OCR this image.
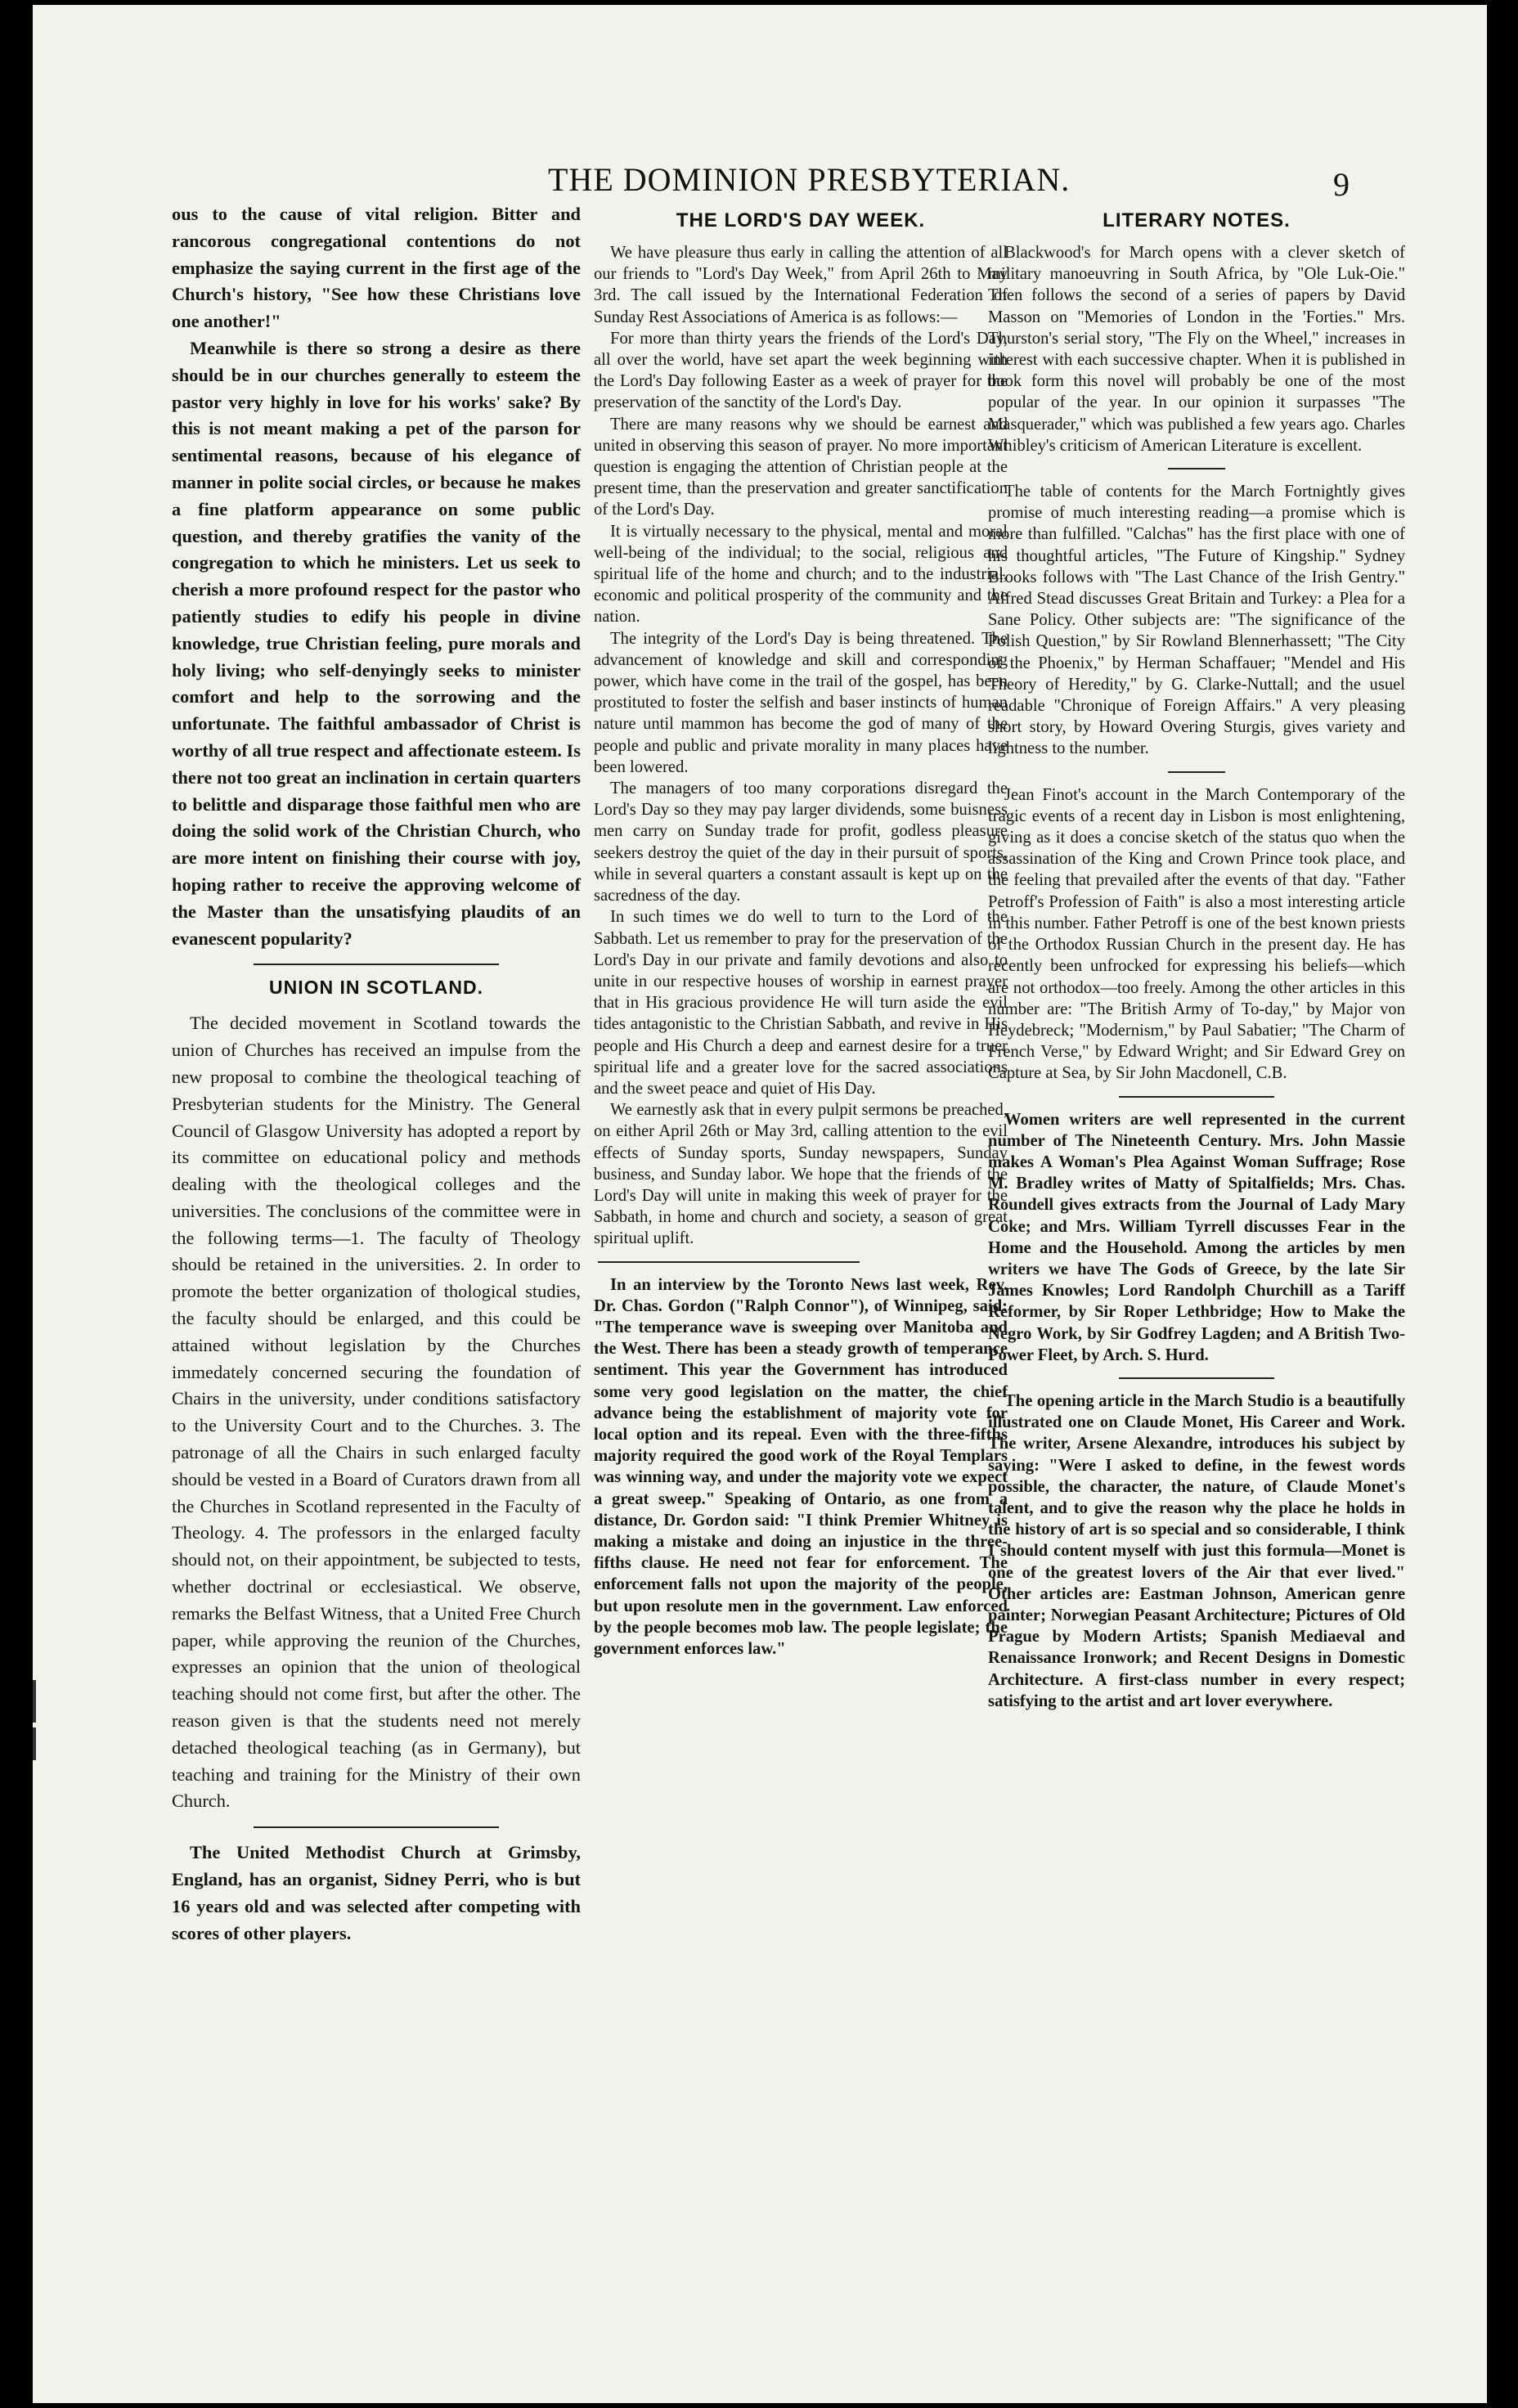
THE DOMINION PRESBYTERIAN.	9

ous to the cause of vital religion. Bitter and rancorous congregational contentions do not emphasize the saying current in the first age of the Church's history, "See how these Christians love one another!"

Meanwhile is there so strong a desire as there should be in our churches generally to esteem the pastor very highly in love for his works' sake? By this is not meant making a pet of the parson for sentimental reasons, because of his elegance of manner in polite social circles, or because he makes a fine platform appearance on some public question, and thereby gratifies the vanity of the congregation to which he ministers. Let us seek to cherish a more profound respect for the pastor who patiently studies to edify his people in divine knowledge, true Christian feeling, pure morals and holy living; who self-denyingly seeks to minister comfort and help to the sorrowing and the unfortunate. The faithful ambassador of Christ is worthy of all true respect and affectionate esteem. Is there not too great an inclination in certain quarters to belittle and disparage those faithful men who are doing the solid work of the Christian Church, who are more intent on finishing their course with joy, hoping rather to receive the approving welcome of the Master than the unsatisfying plaudits of an evanescent popularity?

UNION IN SCOTLAND.

The decided movement in Scotland towards the union of Churches has received an impulse from the new proposal to combine the theological teaching of Presbyterian students for the Ministry. The General Council of Glasgow University has adopted a report by its committee on educational policy and methods dealing with the theological colleges and the universities. The conclusions of the committee were in the following terms—1. The faculty of Theology should be retained in the universities. 2. In order to promote the better organization of thological studies, the faculty should be enlarged, and this could be attained without legislation by the Churches immedately concerned securing the foundation of Chairs in the university, under conditions satisfactory to the University Court and to the Churches. 3. The patronage of all the Chairs in such enlarged faculty should be vested in a Board of Curators drawn from all the Churches in Scotland represented in the Faculty of Theology. 4. The professors in the enlarged faculty should not, on their appointment, be subjected to tests, whether doctrinal or ecclesiastical. We observe, remarks the Belfast Witness, that a United Free Church paper, while approving the reunion of the Churches, expresses an opinion that the union of theological teaching should not come first, but after the other. The reason given is that the students need not merely detached theological teaching (as in Germany), but teaching and training for the Ministry of their own Church.

The United Methodist Church at Grimsby, England, has an organist, Sidney Perri, who is but 16 years old and was selected after competing with scores of other players.

THE LORD'S DAY WEEK.

We have pleasure thus early in calling the attention of all our friends to "Lord's Day Week," from April 26th to May 3rd. The call issued by the International Federation of Sunday Rest Associations of America is as follows:—

For more than thirty years the friends of the Lord's Day, all over the world, have set apart the week beginning with the Lord's Day following Easter as a week of prayer for the preservation of the sanctity of the Lord's Day.

There are many reasons why we should be earnest and united in observing this season of prayer. No more important question is engaging the attention of Christian people at the present time, than the preservation and greater sanctification of the Lord's Day.

It is virtually necessary to the physical, mental and moral well-being of the individual; to the social, religious and spiritual life of the home and church; and to the industrial, economic and political prosperity of the community and the nation.

The integrity of the Lord's Day is being threatened. The advancement of knowledge and skill and corresponding power, which have come in the trail of the gospel, has been prostituted to foster the selfish and baser instincts of human nature until mammon has become the god of many of the people and public and private morality in many places have been lowered.

The managers of too many corporations disregard the Lord's Day so they may pay larger dividends, some buisness men carry on Sunday trade for profit, godless pleasure seekers destroy the quiet of the day in their pursuit of sports, while in several quarters a constant assault is kept up on the sacredness of the day.

In such times we do well to turn to the Lord of the Sabbath. Let us remember to pray for the preservation of the Lord's Day in our private and family devotions and also to unite in our respective houses of worship in earnest prayer that in His gracious providence He will turn aside the evil tides antagonistic to the Christian Sabbath, and revive in His people and His Church a deep and earnest desire for a truer spiritual life and a greater love for the sacred associations and the sweet peace and quiet of His Day.

We earnestly ask that in every pulpit sermons be preached, on either April 26th or May 3rd, calling attention to the evil effects of Sunday sports, Sunday newspapers, Sunday business, and Sunday labor. We hope that the friends of the Lord's Day will unite in making this week of prayer for the Sabbath, in home and church and society, a season of great spiritual uplift.

In an interview by the Toronto News last week, Rev. Dr. Chas. Gordon ("Ralph Connor"), of Winnipeg, said: "The temperance wave is sweeping over Manitoba and the West. There has been a steady growth of temperance sentiment. This year the Government has introduced some very good legislation on the matter, the chief advance being the establishment of majority vote for local option and its repeal. Even with the three-fifths majority required the good work of the Royal Templars was winning way, and under the majority vote we expect a great sweep." Speaking of Ontario, as one from a distance, Dr. Gordon said: "I think Premier Whitney is making a mistake and doing an injustice in the three-fifths clause. He need not fear for enforcement. The enforcement falls not upon the majority of the people, but upon resolute men in the government. Law enforced by the people becomes mob law. The people legislate; the government enforces law."

LITERARY NOTES.

Blackwood's for March opens with a clever sketch of military manoeuvring in South Africa, by "Ole Luk-Oie." Then follows the second of a series of papers by David Masson on "Memories of London in the 'Forties." Mrs. Thurston's serial story, "The Fly on the Wheel," increases in interest with each successive chapter. When it is published in book form this novel will probably be one of the most popular of the year. In our opinion it surpasses "The Masquerader," which was published a few years ago. Charles Whibley's criticism of American Literature is excellent.

The table of contents for the March Fortnightly gives promise of much interesting reading—a promise which is more than fulfilled. "Calchas" has the first place with one of his thoughtful articles, "The Future of Kingship." Sydney Brooks follows with "The Last Chance of the Irish Gentry." Alfred Stead discusses Great Britain and Turkey: a Plea for a Sane Policy. Other subjects are: "The significance of the Polish Question," by Sir Rowland Blennerhassett; "The City of the Phoenix," by Herman Schaffauer; "Mendel and His Theory of Heredity," by G. Clarke-Nuttall; and the usuel readable "Chronique of Foreign Affairs." A very pleasing short story, by Howard Overing Sturgis, gives variety and lightness to the number.

Jean Finot's account in the March Contemporary of the tragic events of a recent day in Lisbon is most enlightening, giving as it does a concise sketch of the status quo when the assassination of the King and Crown Prince took place, and the feeling that prevailed after the events of that day. "Father Petroff's Profession of Faith" is also a most interesting article in this number. Father Petroff is one of the best known priests of the Orthodox Russian Church in the present day. He has recently been unfrocked for expressing his beliefs—which are not orthodox—too freely. Among the other articles in this number are: "The British Army of To-day," by Major von Heydebreck; "Modernism," by Paul Sabatier; "The Charm of French Verse," by Edward Wright; and Sir Edward Grey on Capture at Sea, by Sir John Macdonell, C.B.

Women writers are well represented in the current number of The Nineteenth Century. Mrs. John Massie makes A Woman's Plea Against Woman Suffrage; Rose M. Bradley writes of Matty of Spitalfields; Mrs. Chas. Roundell gives extracts from the Journal of Lady Mary Coke; and Mrs. William Tyrrell discusses Fear in the Home and the Household. Among the articles by men writers we have The Gods of Greece, by the late Sir James Knowles; Lord Randolph Churchill as a Tariff Reformer, by Sir Roper Lethbridge; How to Make the Negro Work, by Sir Godfrey Lagden; and A British Two-Power Fleet, by Arch. S. Hurd.

The opening article in the March Studio is a beautifully illustrated one on Claude Monet, His Career and Work. The writer, Arsene Alexandre, introduces his subject by saying: "Were I asked to define, in the fewest words possible, the character, the nature, of Claude Monet's talent, and to give the reason why the place he holds in the history of art is so special and so considerable, I think I should content myself with just this formula—Monet is one of the greatest lovers of the Air that ever lived." Other articles are: Eastman Johnson, American genre painter; Norwegian Peasant Architecture; Pictures of Old Prague by Modern Artists; Spanish Mediaeval and Renaissance Ironwork; and Recent Designs in Domestic Architecture. A first-class number in every respect; satisfying to the artist and art lover everywhere.
